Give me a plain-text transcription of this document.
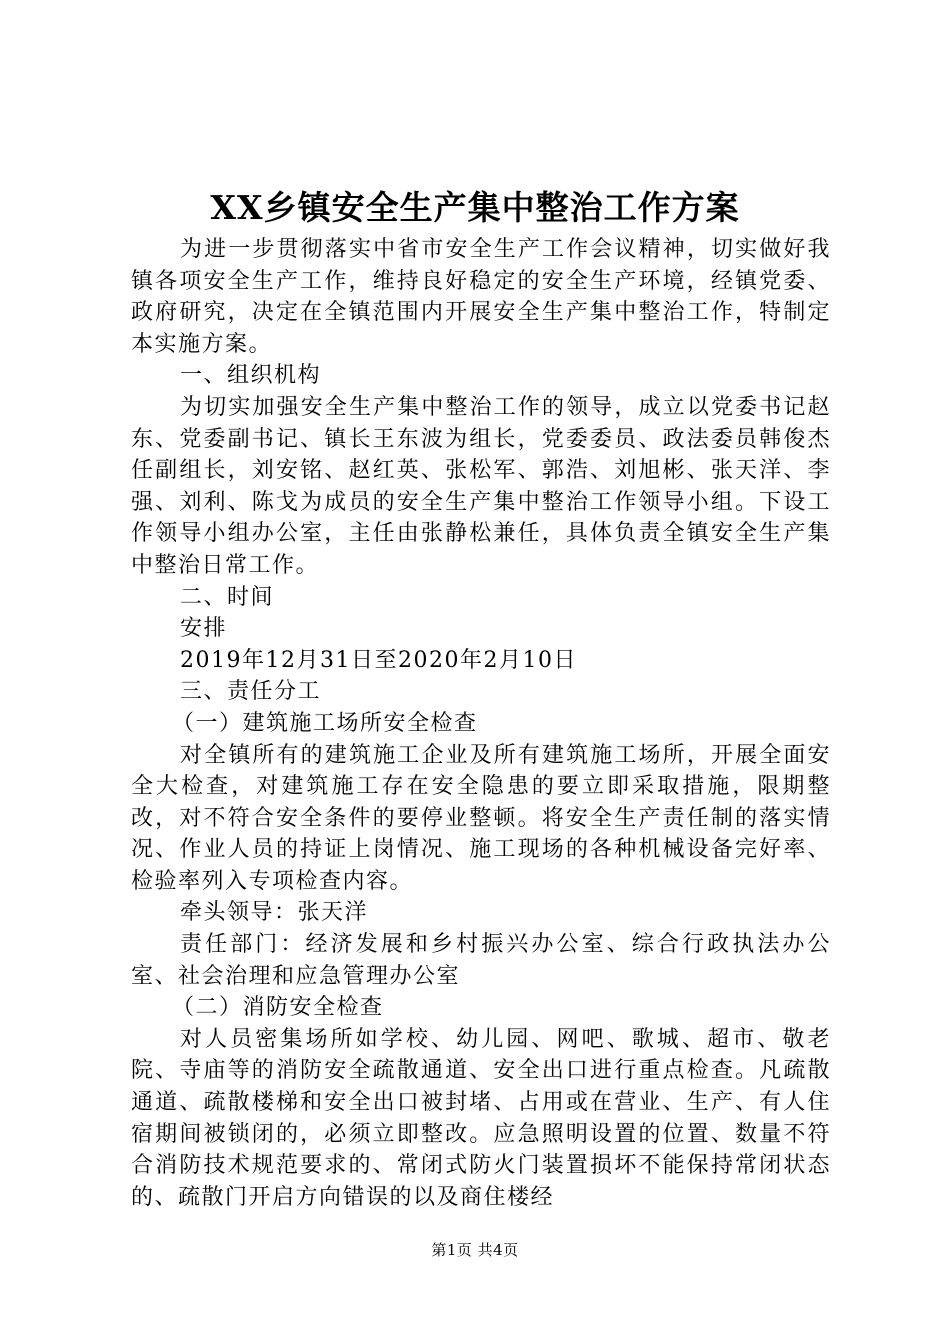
XX乡镇安全生产集中整治工作方案

为进一步贯彻落实中省市安全生产工作会议精神，切实做好我镇各项安全生产工作，维持良好稳定的安全生产环境，经镇党委、政府研究，决定在全镇范围内开展安全生产集中整治工作，特制定本实施方案。

一、组织机构

为切实加强安全生产集中整治工作的领导，成立以党委书记赵东、党委副书记、镇长王东波为组长，党委委员、政法委员韩俊杰任副组长，刘安铭、赵红英、张松军、郭浩、刘旭彬、张天洋、李强、刘利、陈戈为成员的安全生产集中整治工作领导小组。下设工作领导小组办公室，主任由张静松兼任，具体负责全镇安全生产集中整治日常工作。

二、时间

安排

2019年12月31日至2020年2月10日

三、责任分工

（一）建筑施工场所安全检查

对全镇所有的建筑施工企业及所有建筑施工场所，开展全面安全大检查，对建筑施工存在安全隐患的要立即采取措施，限期整改，对不符合安全条件的要停业整顿。将安全生产责任制的落实情况、作业人员的持证上岗情况、施工现场的各种机械设备完好率、检验率列入专项检查内容。

牵头领导：张天洋

责任部门：经济发展和乡村振兴办公室、综合行政执法办公室、社会治理和应急管理办公室

（二）消防安全检查

对人员密集场所如学校、幼儿园、网吧、歌城、超市、敬老院、寺庙等的消防安全疏散通道、安全出口进行重点检查。凡疏散通道、疏散楼梯和安全出口被封堵、占用或在营业、生产、有人住宿期间被锁闭的，必须立即整改。应急照明设置的位置、数量不符合消防技术规范要求的、常闭式防火门装置损坏不能保持常闭状态的、疏散门开启方向错误的以及商住楼经

第1页 共4页
